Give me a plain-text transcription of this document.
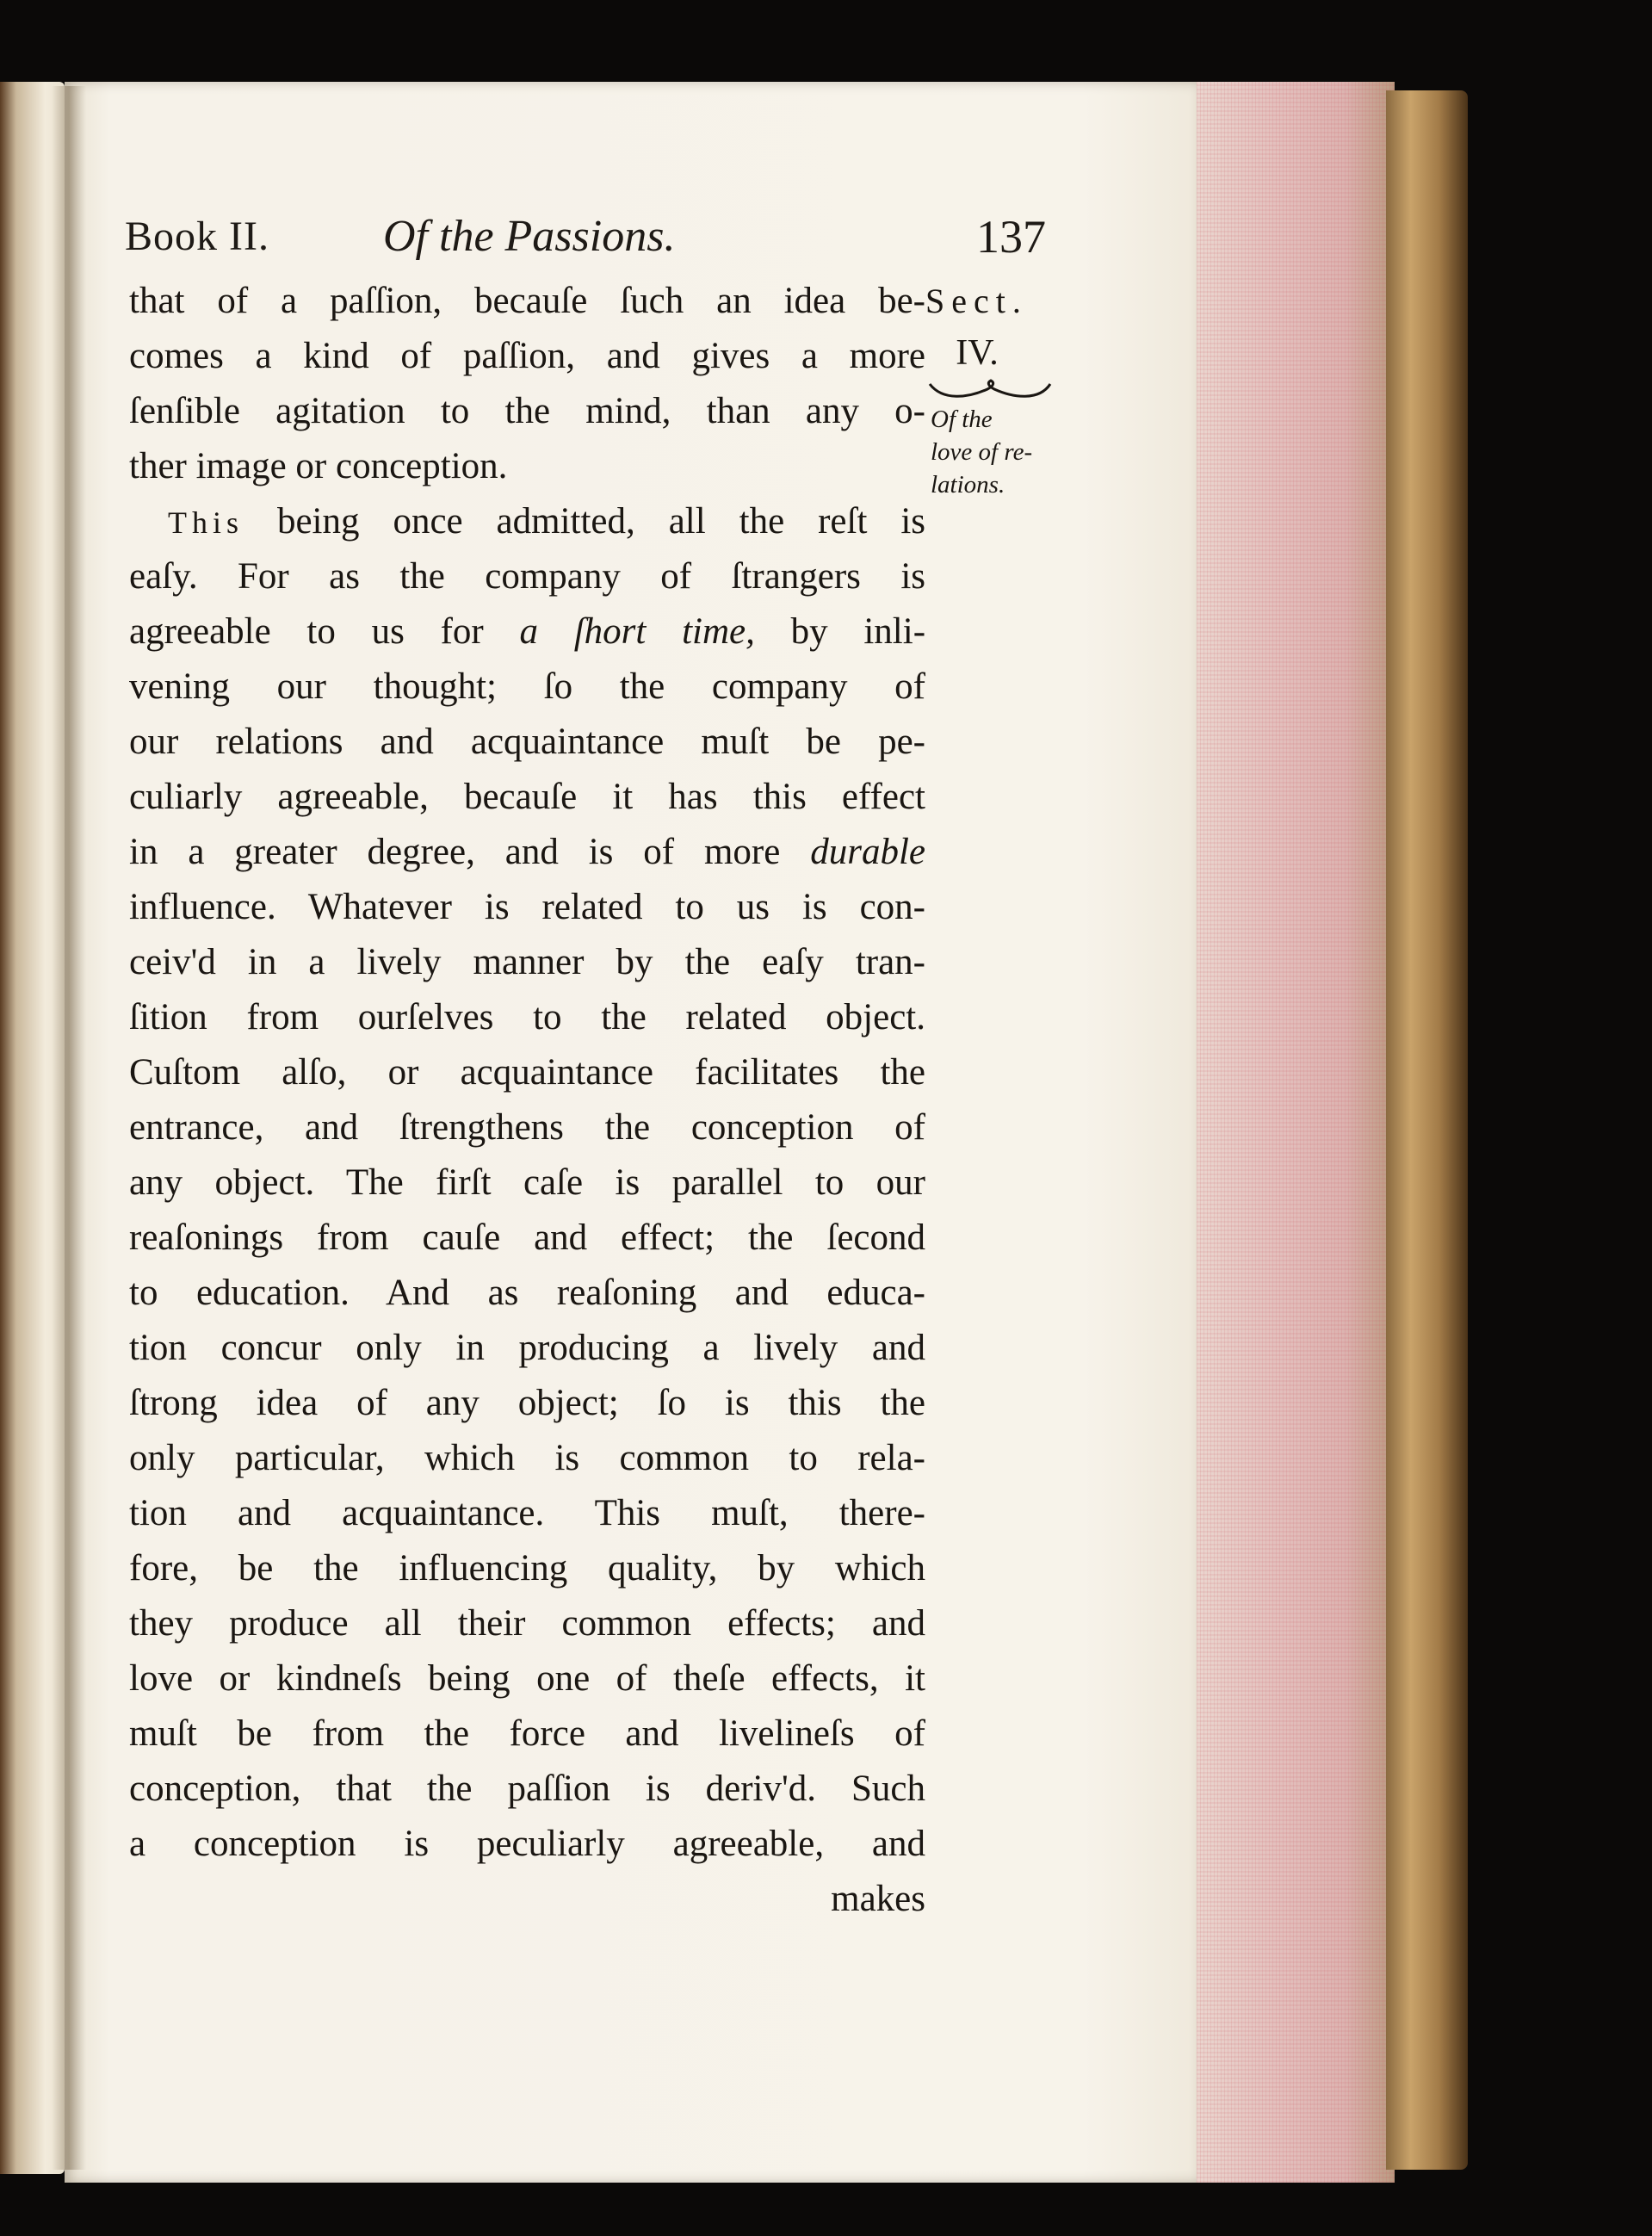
Book II.	Of the Passions.	137
that of a paſſion, becauſe ſuch an idea be-
comes a kind of paſſion, and gives a more
ſenſible agitation to the mind, than any o-
ther image or conception.
This being once admitted, all the reſt is
eaſy. For as the company of ſtrangers is
agreeable to us for a ſhort time, by inli-
vening our thought; ſo the company of
our relations and acquaintance muſt be pe-
culiarly agreeable, becauſe it has this effect
in a greater degree, and is of more durable
influence. Whatever is related to us is con-
ceiv'd in a lively manner by the eaſy tran-
ſition from ourſelves to the related object.
Cuſtom alſo, or acquaintance facilitates the
entrance, and ſtrengthens the conception of
any object. The firſt caſe is parallel to our
reaſonings from cauſe and effect; the ſecond
to education. And as reaſoning and educa-
tion concur only in producing a lively and
ſtrong idea of any object; ſo is this the
only particular, which is common to rela-
tion and acquaintance. This muſt, there-
fore, be the influencing quality, by which
they produce all their common effects; and
love or kindneſs being one of theſe effects, it
muſt be from the force and livelineſs of
conception, that the paſſion is deriv'd. Such
a conception is peculiarly agreeable, and
makes
Sect.
IV.
Of the
love of re-
lations.
